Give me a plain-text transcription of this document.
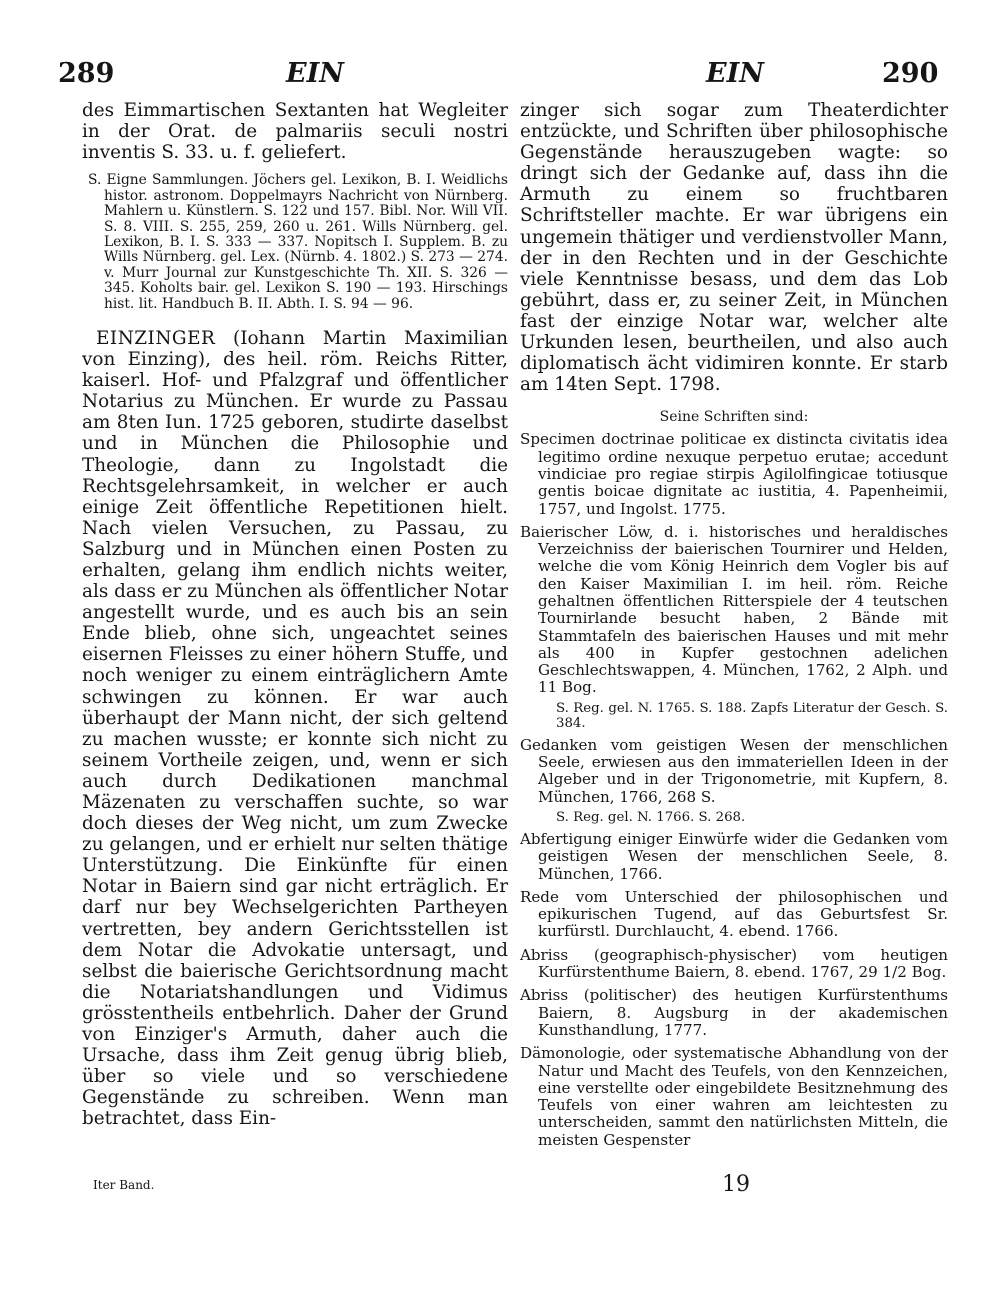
289	EIN	EIN	290

des Eimmartischen Sextanten hat Wegleiter in der Orat. de palmariis seculi nostri inventis S. 33. u. f. geliefert.

S. Eigne Sammlungen. Jöchers gel. Lexikon, B. I. Weidlichs histor. astronom. Doppelmayrs Nachricht von Nürnberg. Mahlern u. Künstlern. S. 122 und 157. Bibl. Nor. Will VII. S. 8. VIII. S. 255, 259, 260 u. 261. Wills Nürnberg. gel. Lexikon, B. I. S. 333 — 337. Nopitsch I. Supplem. B. zu Wills Nürnberg. gel. Lex. (Nürnb. 4. 1802.) S. 273 — 274. v. Murr Journal zur Kunstgeschichte Th. XII. S. 326 — 345. Koholts bair. gel. Lexikon S. 190 — 193. Hirschings hist. lit. Handbuch B. II. Abth. I. S. 94 — 96.

EINZINGER (Iohann Martin Maximilian von Einzing), des heil. röm. Reichs Ritter, kaiserl. Hof- und Pfalzgraf und öffentlicher Notarius zu München. Er wurde zu Passau am 8ten Iun. 1725 geboren, studirte daselbst und in München die Philosophie und Theologie, dann zu Ingolstadt die Rechtsgelehrsamkeit, in welcher er auch einige Zeit öffentliche Repetitionen hielt. Nach vielen Versuchen, zu Passau, zu Salzburg und in München einen Posten zu erhalten, gelang ihm endlich nichts weiter, als dass er zu München als öffentlicher Notar angestellt wurde, und es auch bis an sein Ende blieb, ohne sich, ungeachtet seines eisernen Fleisses zu einer höhern Stuffe, und noch weniger zu einem einträglichern Amte schwingen zu können. Er war auch überhaupt der Mann nicht, der sich geltend zu machen wusste; er konnte sich nicht zu seinem Vortheile zeigen, und, wenn er sich auch durch Dedikationen manchmal Mäzenaten zu verschaffen suchte, so war doch dieses der Weg nicht, um zum Zwecke zu gelangen, und er erhielt nur selten thätige Unterstützung. Die Einkünfte für einen Notar in Baiern sind gar nicht erträglich. Er darf nur bey Wechselgerichten Partheyen vertretten, bey andern Gerichtsstellen ist dem Notar die Advokatie untersagt, und selbst die baierische Gerichtsordnung macht die Notariatshandlungen und Vidimus grösstentheils entbehrlich. Daher der Grund von Einziger's Armuth, daher auch die Ursache, dass ihm Zeit genug übrig blieb, über so viele und so verschiedene Gegenstände zu schreiben. Wenn man betrachtet, dass Ein-

zinger sich sogar zum Theaterdichter entzückte, und Schriften über philosophische Gegenstände herauszugeben wagte: so dringt sich der Gedanke auf, dass ihn die Armuth zu einem so fruchtbaren Schriftsteller machte. Er war übrigens ein ungemein thätiger und verdienstvoller Mann, der in den Rechten und in der Geschichte viele Kenntnisse besass, und dem das Lob gebührt, dass er, zu seiner Zeit, in München fast der einzige Notar war, welcher alte Urkunden lesen, beurtheilen, und also auch diplomatisch ächt vidimiren konnte. Er starb am 14ten Sept. 1798.

Seine Schriften sind:

Specimen doctrinae politicae ex distincta civitatis idea legitimo ordine nexuque perpetuo erutae; accedunt vindiciae pro regiae stirpis Agilolfingicae totiusque gentis boicae dignitate ac iustitia, 4. Papenheimii, 1757, und Ingolst. 1775.

Baierischer Löw, d. i. historisches und heraldisches Verzeichniss der baierischen Tournirer und Helden, welche die vom König Heinrich dem Vogler bis auf den Kaiser Maximilian I. im heil. röm. Reiche gehaltnen öffentlichen Ritterspiele der 4 teutschen Tournirlande besucht haben, 2 Bände mit Stammtafeln des baierischen Hauses und mit mehr als 400 in Kupfer gestochnen adelichen Geschlechtswappen, 4. München, 1762, 2 Alph. und 11 Bog.

S. Reg. gel. N. 1765. S. 188. Zapfs Literatur der Gesch. S. 384.

Gedanken vom geistigen Wesen der menschlichen Seele, erwiesen aus den immateriellen Ideen in der Algeber und in der Trigonometrie, mit Kupfern, 8. München, 1766, 268 S.

S. Reg. gel. N. 1766. S. 268.

Abfertigung einiger Einwürfe wider die Gedanken vom geistigen Wesen der menschlichen Seele, 8. München, 1766.

Rede vom Unterschied der philosophischen und epikurischen Tugend, auf das Geburtsfest Sr. kurfürstl. Durchlaucht, 4. ebend. 1766.

Abriss (geographisch-physischer) vom heutigen Kurfürstenthume Baiern, 8. ebend. 1767, 29 1/2 Bog.

Abriss (politischer) des heutigen Kurfürstenthums Baiern, 8. Augsburg in der akademischen Kunsthandlung, 1777.

Dämonologie, oder systematische Abhandlung von der Natur und Macht des Teufels, von den Kennzeichen, eine verstellte oder eingebildete Besitznehmung des Teufels von einer wahren am leichtesten zu unterscheiden, sammt den natürlichsten Mitteln, die meisten Gespenster

Iter Band.	19
